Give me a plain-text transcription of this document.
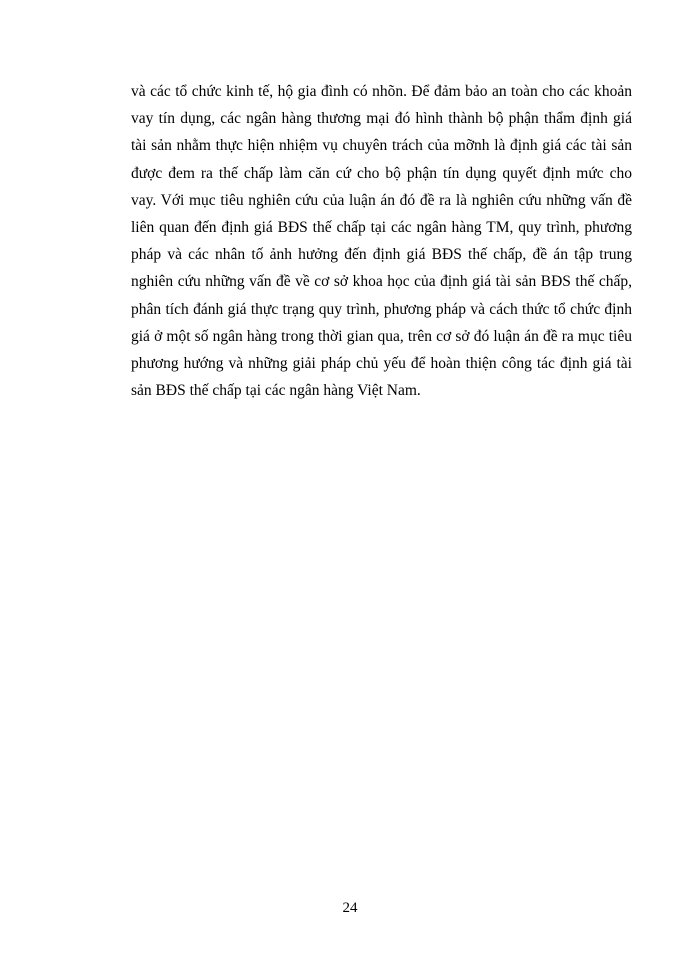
và các tổ chức kinh tế, hộ gia đình có nhõn. Để đảm bảo an toàn cho các khoản
vay tín dụng, các ngân hàng thương mại đó hình thành bộ phận thẩm định giá
tài sản nhằm thực hiện nhiệm vụ chuyên trách của mỡnh là định giá các tài sản
được đem ra thế chấp làm căn cứ cho bộ phận tín dụng quyết định mức cho
vay. Với mục tiêu nghiên cứu của luận án đó đề ra là nghiên cứu những vấn đề
liên quan đến định giá BĐS thế chấp tại các ngân hàng TM, quy trình, phương
pháp và các nhân tố ảnh hưởng đến định giá BĐS thế chấp, đề án tập trung
nghiên cứu những vấn đề về cơ sở khoa học của định giá tài sản BĐS thế chấp,
phân tích đánh giá thực trạng quy trình, phương pháp và cách thức tổ chức định
giá ở một số ngân hàng trong thời gian qua, trên cơ sở đó luận án đề ra mục tiêu
phương hướng và những giải pháp chủ yếu để hoàn thiện công tác định giá tài
sản BĐS thế chấp tại các ngân hàng Việt Nam.
24
